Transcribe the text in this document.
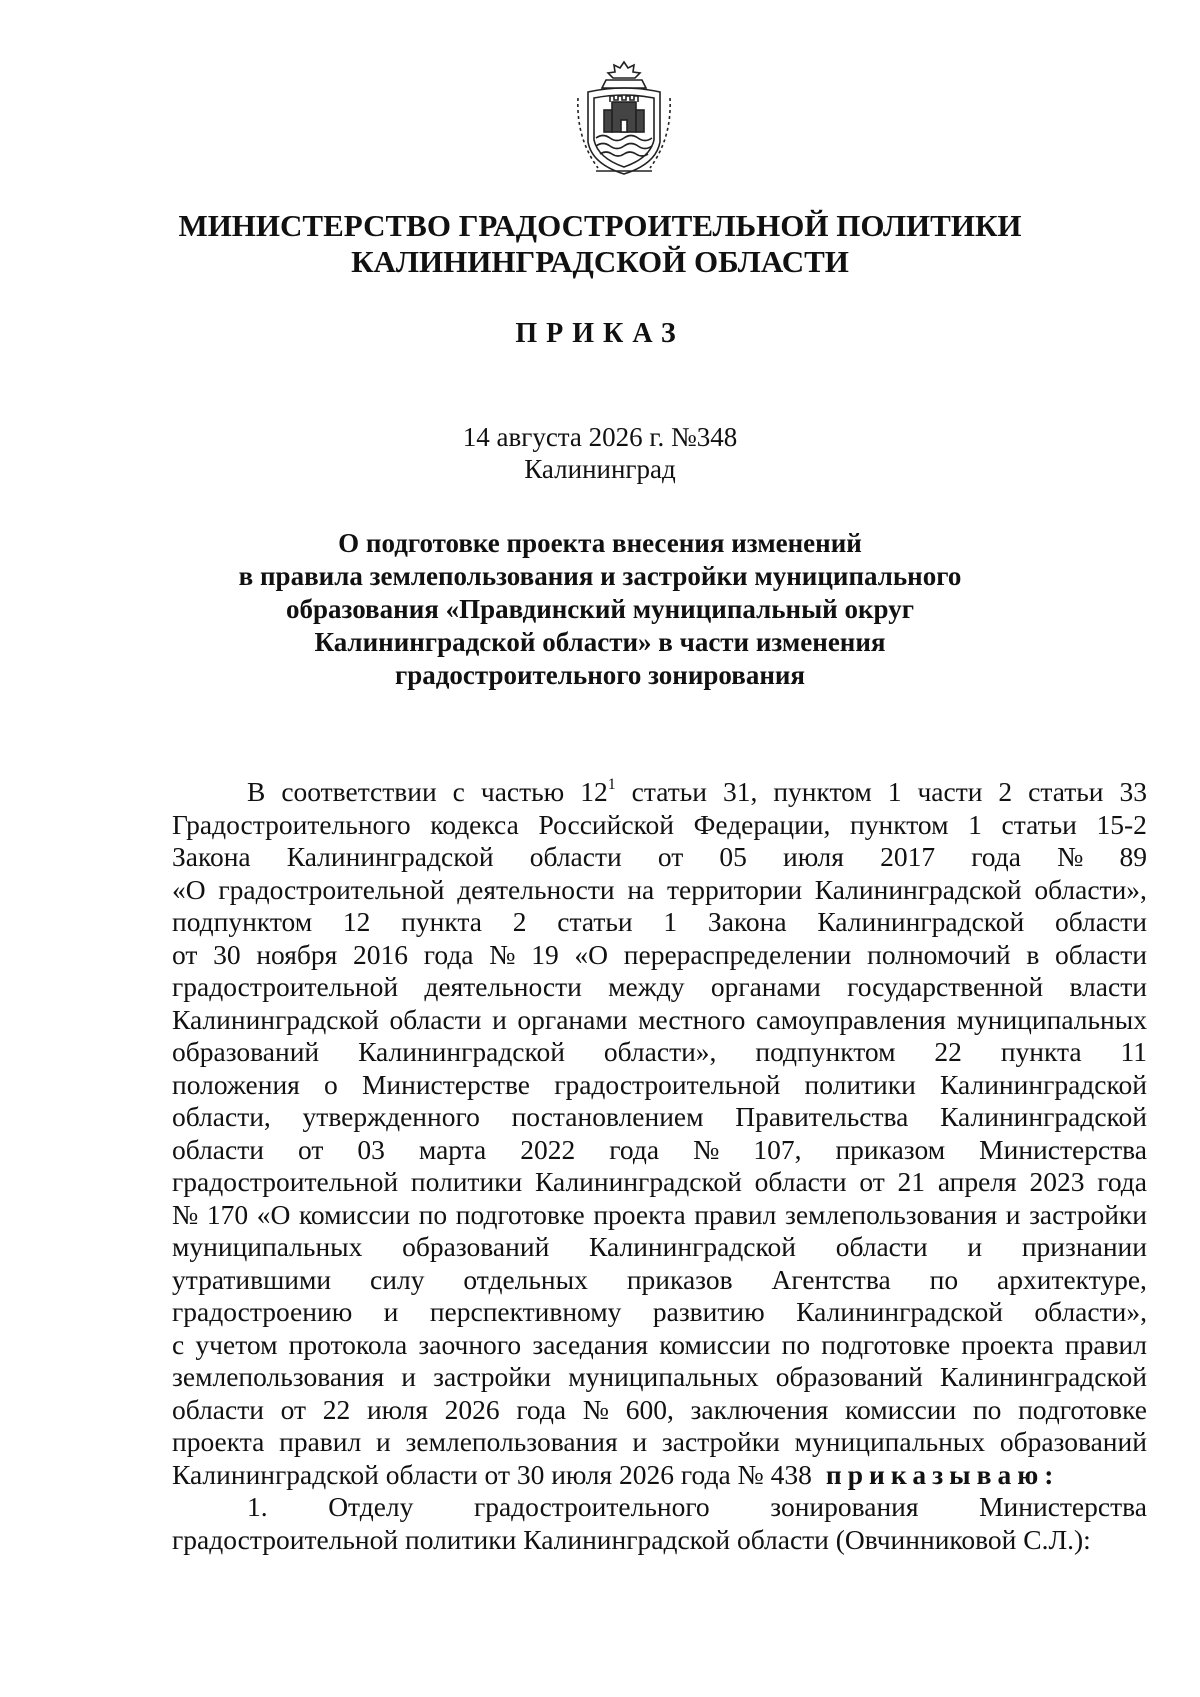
МИНИСТЕРСТВО ГРАДОСТРОИТЕЛЬНОЙ ПОЛИТИКИ
КАЛИНИНГРАДСКОЙ ОБЛАСТИ
ПРИКАЗ
14 августа 2026 г. №348
Калининград
О подготовке проекта внесения изменений
в правила землепользования и застройки муниципального
образования «Правдинский муниципальный округ
Калининградской области» в части изменения
градостроительного зонирования
В соответствии с частью $12^1$ статьи 31, пунктом 1 части 2 статьи 33
Градостроительного кодекса Российской Федерации, пунктом 1 статьи 15-2
Закона Калининградской области от 05 июля 2017 года № 89
«О градостроительной деятельности на территории Калининградской области»,
подпунктом 12 пункта 2 статьи 1 Закона Калининградской области
от 30 ноября 2016 года № 19 «О перераспределении полномочий в области
градостроительной деятельности между органами государственной власти
Калининградской области и органами местного самоуправления муниципальных
образований Калининградской области», подпунктом 22 пункта 11
положения о Министерстве градостроительной политики Калининградской
области, утвержденного постановлением Правительства Калининградской
области от 03 марта 2022 года № 107, приказом Министерства
градостроительной политики Калининградской области от 21 апреля 2023 года
№ 170 «О комиссии по подготовке проекта правил землепользования и застройки
муниципальных образований Калининградской области и признании
утратившими силу отдельных приказов Агентства по архитектуре,
градостроению и перспективному развитию Калининградской области»,
с учетом протокола заочного заседания комиссии по подготовке проекта правил
землепользования и застройки муниципальных образований Калининградской
области от 22 июля 2026 года № 600, заключения комиссии по подготовке
проекта правил и землепользования и застройки муниципальных образований
Калининградской области от 30 июля 2026 года № 438 приказываю:
1. Отделу градостроительного зонирования Министерства
градостроительной политики Калининградской области (Овчинниковой С.Л.):
